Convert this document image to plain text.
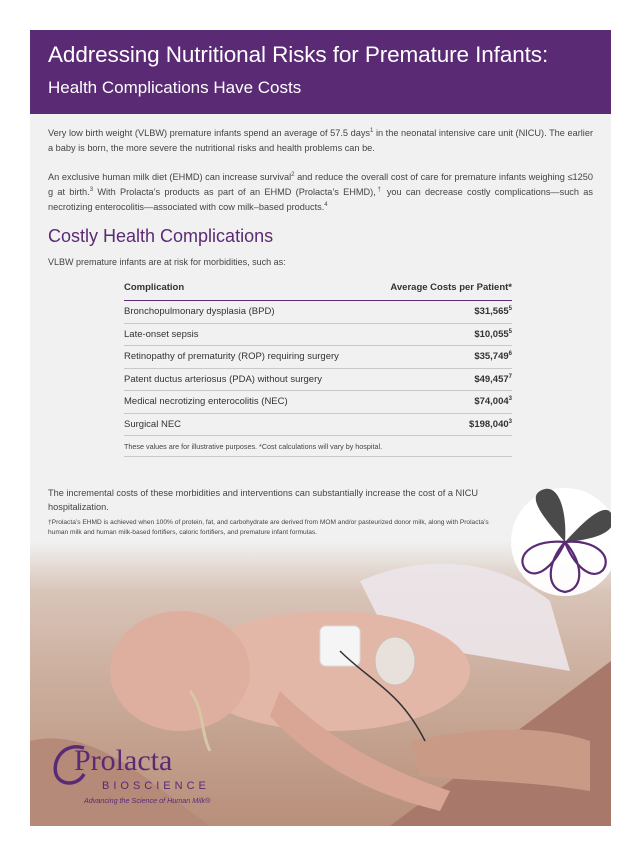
Addressing Nutritional Risks for Premature Infants:
Health Complications Have Costs
Very low birth weight (VLBW) premature infants spend an average of 57.5 days$^1$ in the neonatal intensive care unit (NICU). The earlier a baby is born, the more severe the nutritional risks and health problems can be.
An exclusive human milk diet (EHMD) can increase survival$^2$ and reduce the overall cost of care for premature infants weighing ≤1250 g at birth.$^3$ With Prolacta’s products as part of an EHMD (Prolacta’s EHMD),† you can decrease costly complications—such as necrotizing enterocolitis—associated with cow milk–based products.$^4$
Costly Health Complications
VLBW premature infants are at risk for morbidities, such as:
Complication	Average Costs per Patient*
Bronchopulmonary dysplasia (BPD)	$31,565$^5$
Late-onset sepsis	$10,055$^5$
Retinopathy of prematurity (ROP) requiring surgery	$35,749$^6$
Patent ductus arteriosus (PDA) without surgery	$49,457$^7$
Medical necrotizing enterocolitis (NEC)	$74,004$^3$
Surgical NEC	$198,040$^3$
These values are for illustrative purposes. *Cost calculations will vary by hospital.
The incremental costs of these morbidities and interventions can substantially increase the cost of a NICU hospitalization.
†Prolacta’s EHMD is achieved when 100% of protein, fat, and carbohydrate are derived from MOM and/or pasteurized donor milk, along with Prolacta’s human milk and human milk-based fortifiers, caloric fortifiers, and premature infant formulas.
Prolacta
BIOSCIENCE
Advancing the Science of Human Milk®
